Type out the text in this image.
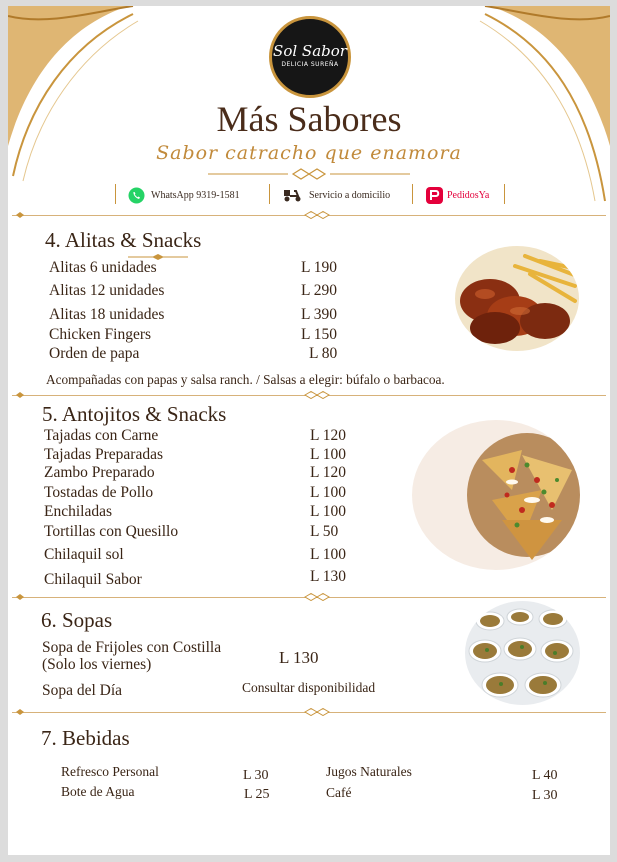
Sol Sabor
DELICIA SUREÑA
Más Sabores
Sabor catracho que enamora
WhatsApp 9319-1581	Servicio a domicilio	PedidosYa
4. Alitas & Snacks
Alitas 6 unidades	L 190
Alitas 12 unidades	L 290
Alitas 18 unidades	L 390
Chicken Fingers	L 150
Orden de papa	L 80
Acompañadas con papas y salsa ranch. / Salsas a elegir: búfalo o barbacoa.
5. Antojitos & Snacks
Tajadas con Carne	L 120
Tajadas Preparadas	L 100
Zambo Preparado	L 120
Tostadas de Pollo	L 100
Enchiladas	L 100
Tortillas con Quesillo	L 50
Chilaquil sol	L 100
Chilaquil Sabor	L 130
6. Sopas
Sopa de Frijoles con Costilla
(Solo los viernes)	L 130
Sopa del Día	Consultar disponibilidad
7. Bebidas
Refresco Personal	L 30
Bote de Agua	L 25
Jugos Naturales	L 40
Café	L 30
